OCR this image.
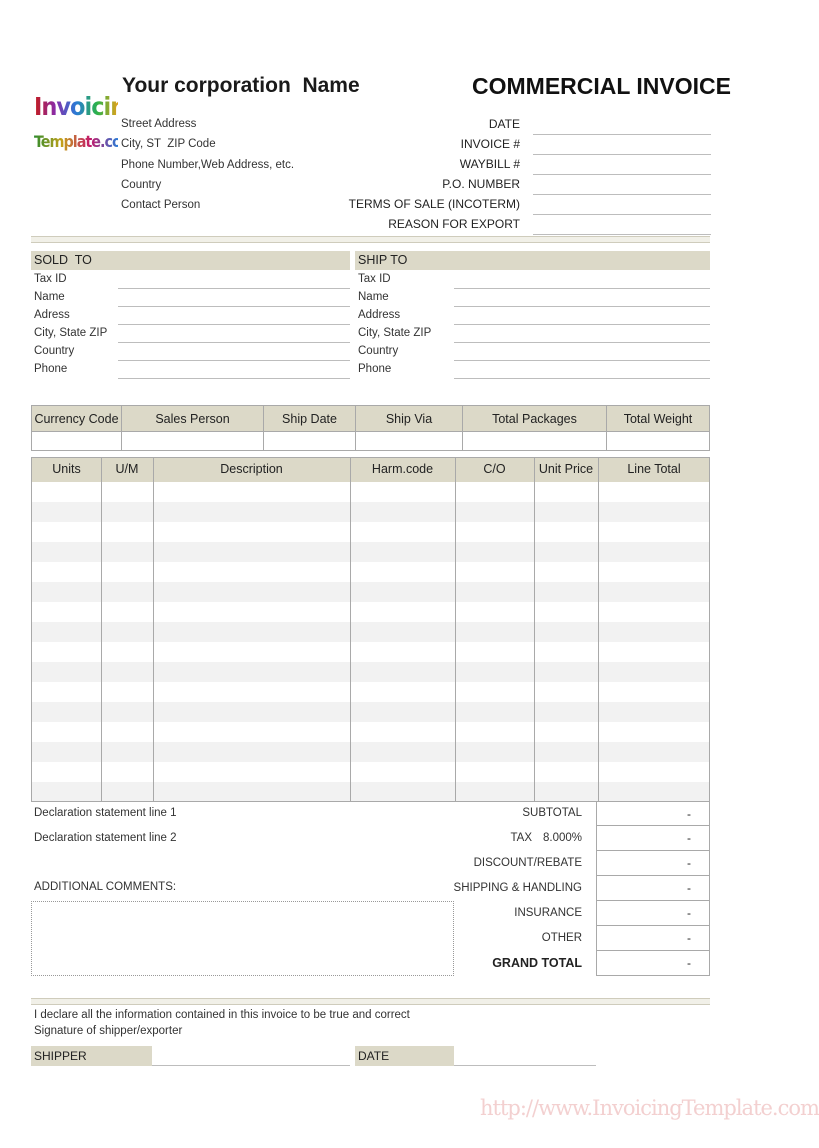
Invoicing
Template.com
Your corporation  Name
Street Address
City, ST  ZIP Code
Phone Number,Web Address, etc.
Country
Contact Person
COMMERCIAL INVOICE
DATE
INVOICE #
WAYBILL #
P.O. NUMBER
TERMS OF SALE (INCOTERM)
REASON FOR EXPORT
SOLD  TO
Tax ID
Name
Adress
City, State ZIP
Country
Phone
SHIP TO
Tax ID
Name
Address
City, State ZIP
Country
Phone
Currency Code	Sales Person	Ship Date	Ship Via	Total Packages	Total Weight

Units	U/M	Description	Harm.code	C/O	Unit Price	Line Total
Declaration statement line 1
Declaration statement line 2
ADDITIONAL COMMENTS:
SUBTOTAL	-
TAX 8.000%	-
DISCOUNT/REBATE	-
SHIPPING & HANDLING	-
INSURANCE	-
OTHER	-
GRAND TOTAL	-
I declare all the information contained in this invoice to be true and correct
Signature of shipper/exporter
SHIPPER	DATE
http://www.InvoicingTemplate.com
